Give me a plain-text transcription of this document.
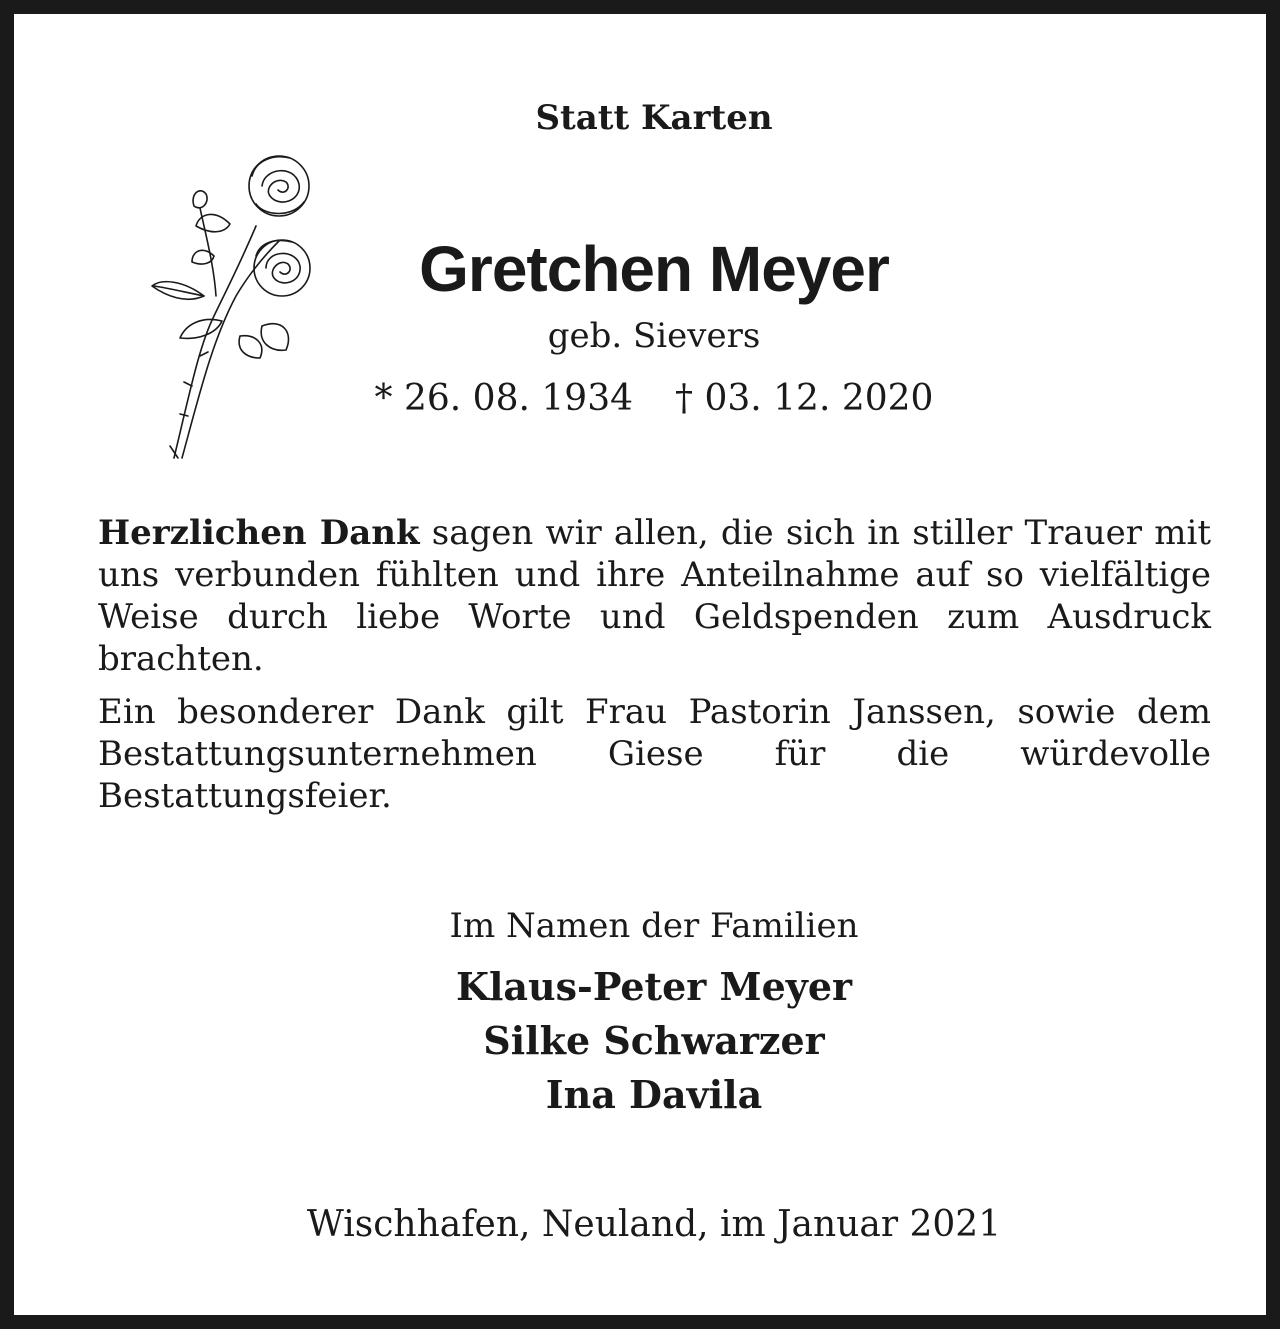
Statt Karten
Gretchen Meyer
geb. Sievers
* 26. 08. 1934 † 03. 12. 2020

Herzlichen Dank sagen wir allen, die sich in stiller Trauer mit uns verbunden fühlten und ihre Anteilnahme auf so vielfältige Weise durch liebe Worte und Geldspenden zum Ausdruck brachten.

Ein besonderer Dank gilt Frau Pastorin Janssen, sowie dem Bestattungsunternehmen Giese für die würdevolle Bestattungsfeier.

Im Namen der Familien
Klaus-Peter Meyer
Silke Schwarzer
Ina Davila
Wischhafen, Neuland, im Januar 2021
